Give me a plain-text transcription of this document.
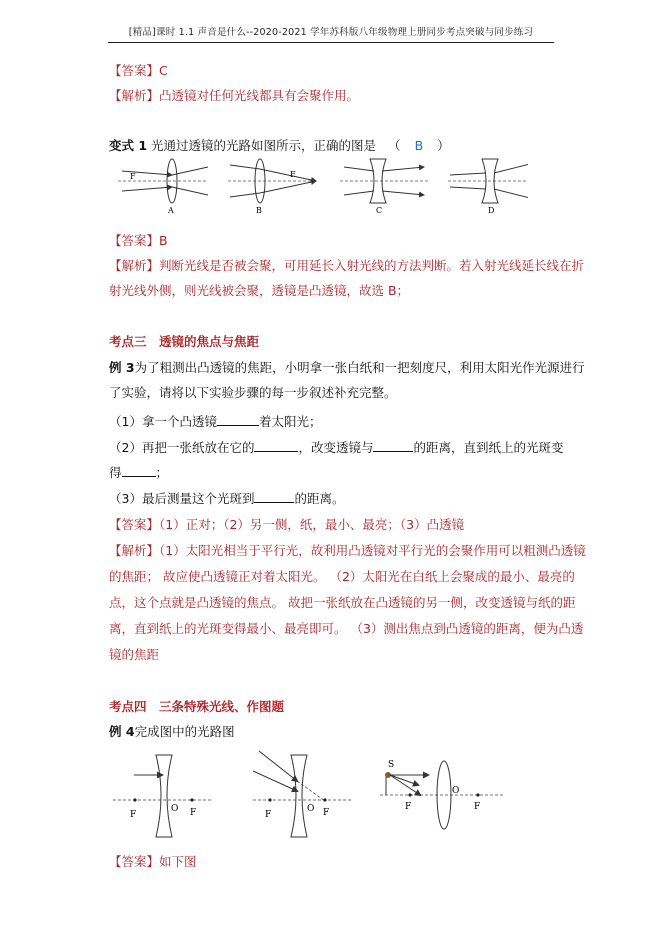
[精品]课时 1.1 声音是什么--2020-2021 学年苏科版八年级物理上册同步考点突破与同步练习
【答案】C
【解析】凸透镜对任何光线都具有会聚作用。
变式 1 光通过透镜的光路如图所示，正确的图是 （ B ）
F
A
F
B	C	D
【答案】B
【解析】判断光线是否被会聚，可用延长入射光线的方法判断。若入射光线延长线在折
射光线外侧，则光线被会聚，透镜是凸透镜，故选 B；
考点三　透镜的焦点与焦距
例 3为了粗测出凸透镜的焦距，小明拿一张白纸和一把刻度尺，利用太阳光作光源进行
了实验，请将以下实验步骤的每一步叙述补充完整。
（1）拿一个凸透镜	着太阳光；
（2）再把一张纸放在它的	，改变透镜与	的距离，直到纸上的光斑变
得	；
（3）最后测量这个光斑到	的距离。
【答案】（1）正对；（2）另一侧，纸，最小、最亮；（3）凸透镜
【解析】（1）太阳光相当于平行光，故利用凸透镜对平行光的会聚作用可以粗测凸透镜
的焦距； 故应使凸透镜正对着太阳光。 （2）太阳光在白纸上会聚成的最小、最亮的
点，这个点就是凸透镜的焦点。 故把一张纸放在凸透镜的另一侧，改变透镜与纸的距
离，直到纸上的光斑变得最小、最亮即可。 （3）测出焦点到凸透镜的距离，便为凸透
镜的焦距
考点四　三条特殊光线、作图题
例 4完成图中的光路图
F	F
O
F	F
O
S
F	F
O
【答案】如下图
